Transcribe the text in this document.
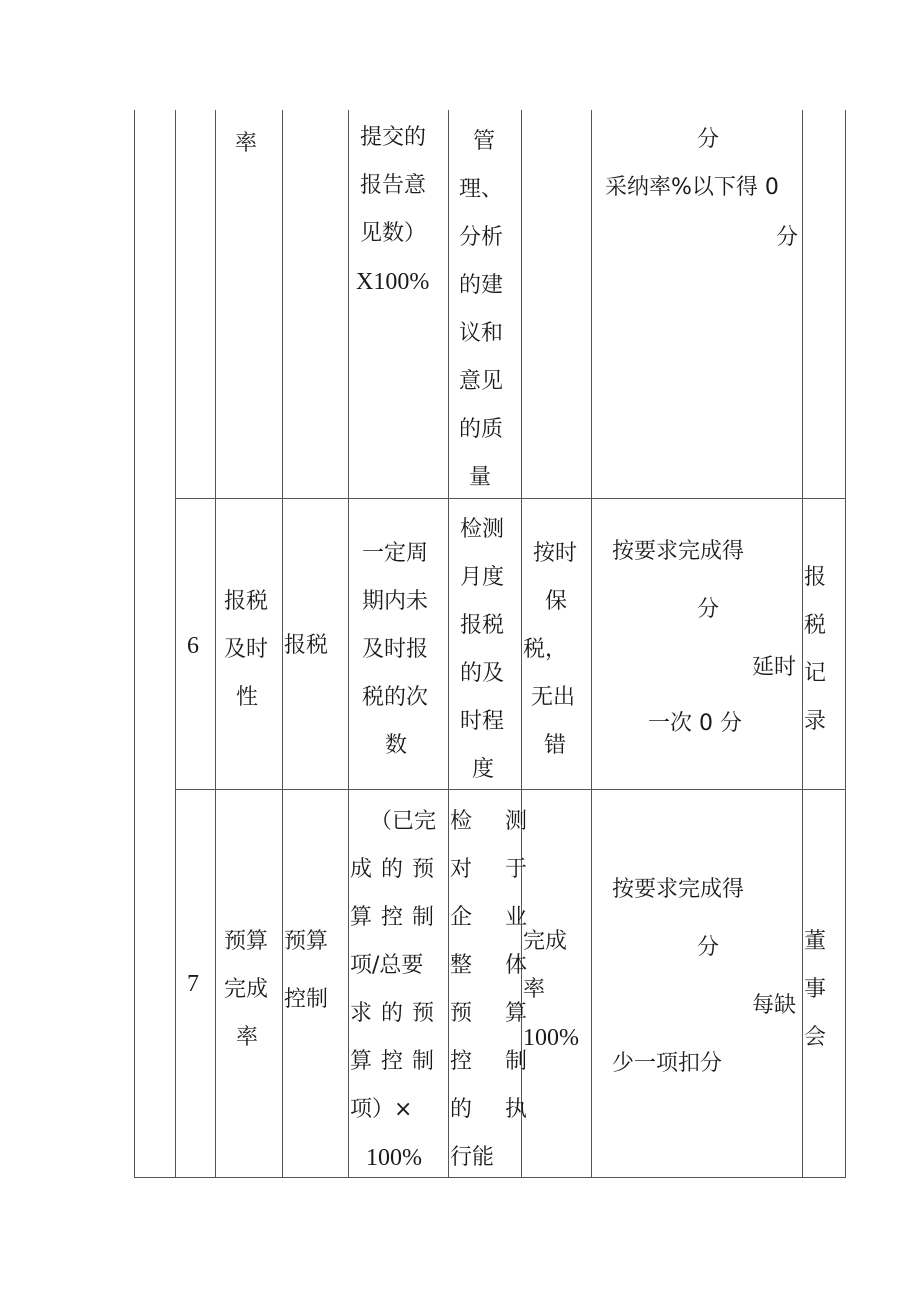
率	提交的
报告意
见数）
X100%
管
理、
分析
的建
议和
意见
的质
量
分
采纳率%以下得 0
分
6
报税
及时
性
报税
一定周
期内未
及时报
税的次
数
检测
月度
报税
的及
时程
度
按时
保
税，
无出
错
按要求完成得
分
延时
一次 0 分
报
税
记
录
7
预算
完成
率
预算
控制
（已完
成的预
算控制
项/总要
求的预
算控制
项）×
100%
检 测
对 于
企 业
整 体
预 算
控 制
的 执
行能
完成
率
100%
按要求完成得
分
每缺
少一项扣分
董
事
会
